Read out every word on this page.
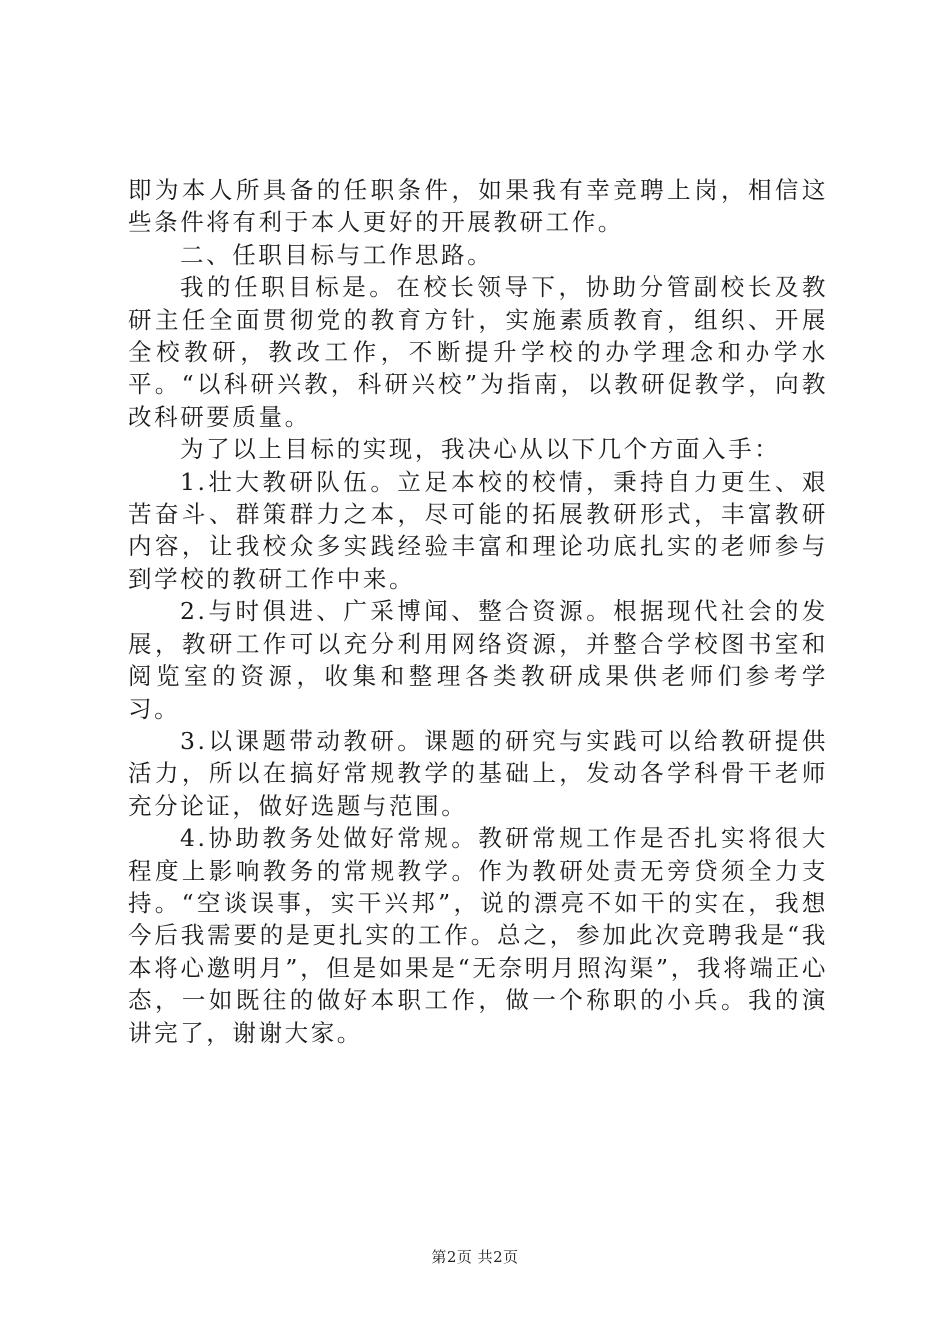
即为本人所具备的任职条件，如果我有幸竞聘上岗，相信这些条件将有利于本人更好的开展教研工作。

二、任职目标与工作思路。

我的任职目标是。在校长领导下，协助分管副校长及教研主任全面贯彻党的教育方针，实施素质教育，组织、开展全校教研，教改工作，不断提升学校的办学理念和办学水平。“以科研兴教，科研兴校”为指南，以教研促教学，向教改科研要质量。

为了以上目标的实现，我决心从以下几个方面入手：

1.壮大教研队伍。立足本校的校情，秉持自力更生、艰苦奋斗、群策群力之本，尽可能的拓展教研形式，丰富教研内容，让我校众多实践经验丰富和理论功底扎实的老师参与到学校的教研工作中来。

2.与时俱进、广采博闻、整合资源。根据现代社会的发展，教研工作可以充分利用网络资源，并整合学校图书室和阅览室的资源，收集和整理各类教研成果供老师们参考学习。

3.以课题带动教研。课题的研究与实践可以给教研提供活力，所以在搞好常规教学的基础上，发动各学科骨干老师充分论证，做好选题与范围。

4.协助教务处做好常规。教研常规工作是否扎实将很大程度上影响教务的常规教学。作为教研处责无旁贷须全力支持。“空谈误事，实干兴邦”，说的漂亮不如干的实在，我想今后我需要的是更扎实的工作。总之，参加此次竞聘我是“我本将心邀明月”，但是如果是“无奈明月照沟渠”，我将端正心态，一如既往的做好本职工作，做一个称职的小兵。我的演讲完了，谢谢大家。

第2页 共2页
